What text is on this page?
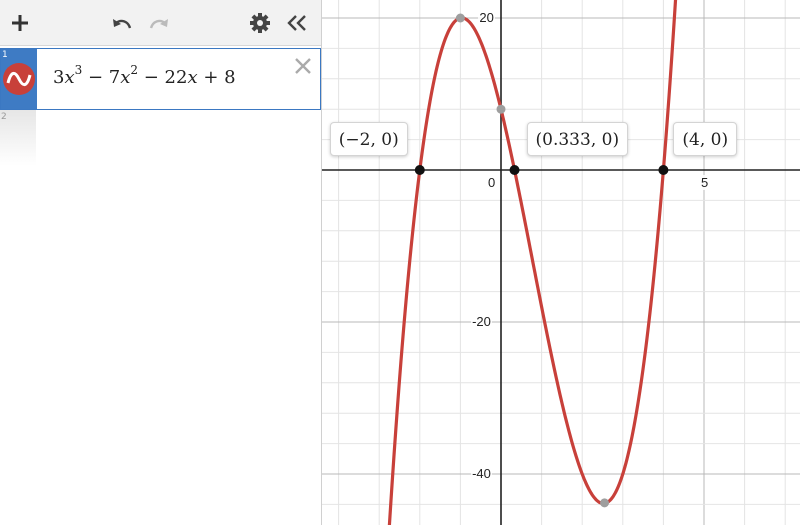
1
$3x^3 - 7x^2 - 22x + 8$
2
0	5
20
-20
-40
(−2, 0)	(0.333, 0)	(4, 0)
